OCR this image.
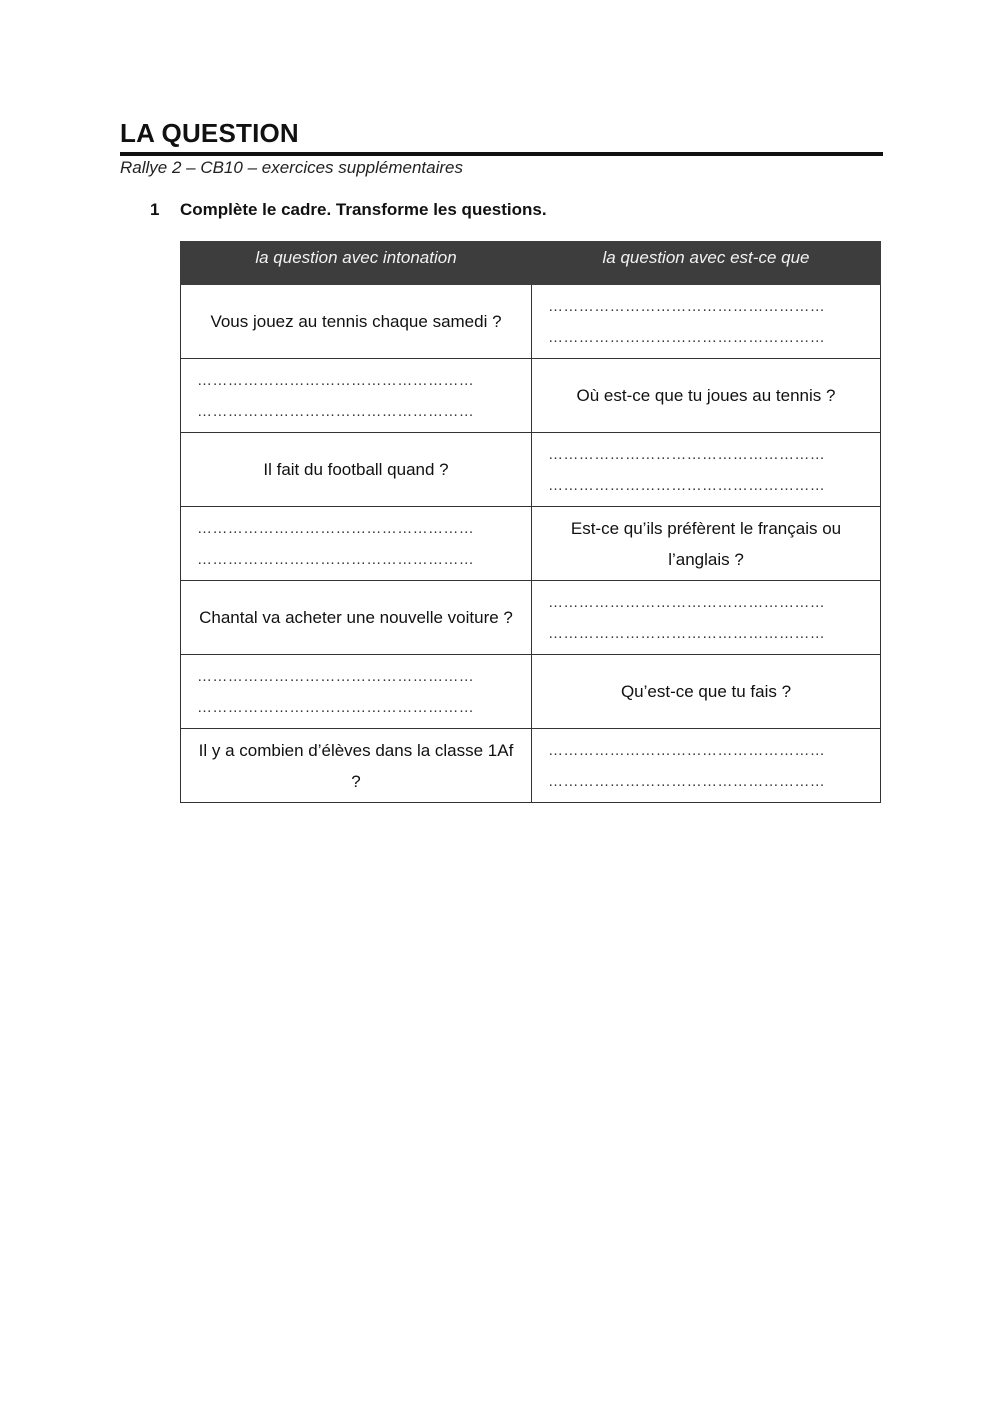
LA QUESTION
Rallye 2 – CB10 – exercices supplémentaires
1 Complète le cadre. Transforme les questions.
la question avec intonation	la question avec est-ce que
Vous jouez au tennis chaque samedi ?	………………………………………………
………………………………………………

………………………………………………
………………………………………………	Où est-ce que tu joues au tennis ?
Il fait du football quand ?	………………………………………………
………………………………………………

………………………………………………
………………………………………………	Est-ce qu’ils préfèrent le français ou l’anglais ?
Chantal va acheter une nouvelle voiture ?	………………………………………………
………………………………………………

………………………………………………
………………………………………………	Qu’est-ce que tu fais ?
Il y a combien d’élèves dans la classe 1Af ?	………………………………………………
………………………………………………
